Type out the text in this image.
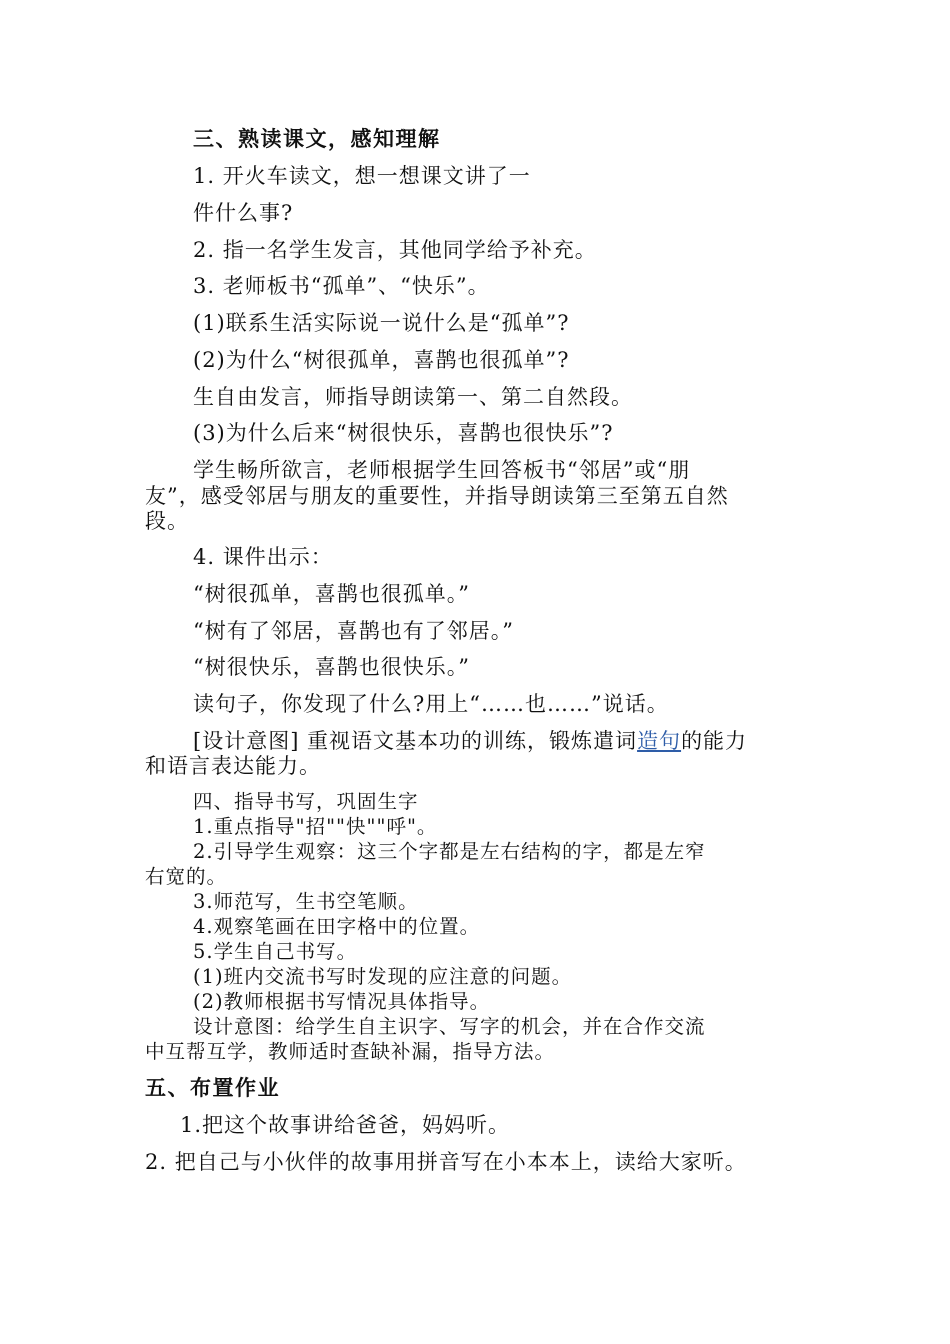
三、熟读课文，感知理解
1. 开火车读文，想一想课文讲了一
件什么事?
2. 指一名学生发言，其他同学给予补充。
3. 老师板书“孤单”、“快乐”。
(1)联系生活实际说一说什么是“孤单”?
(2)为什么“树很孤单，喜鹊也很孤单”?
生自由发言，师指导朗读第一、第二自然段。
(3)为什么后来“树很快乐，喜鹊也很快乐”?
学生畅所欲言，老师根据学生回答板书“邻居”或“朋
友”，感受邻居与朋友的重要性，并指导朗读第三至第五自然
段。
4. 课件出示：
“树很孤单，喜鹊也很孤单。”
“树有了邻居，喜鹊也有了邻居。”
“树很快乐，喜鹊也很快乐。”
读句子，你发现了什么?用上“……也……”说话。
[设计意图] 重视语文基本功的训练，锻炼遣词造句的能力
和语言表达能力。
四、指导书写，巩固生字
1.重点指导"招""快""呼"。
2.引导学生观察：这三个字都是左右结构的字，都是左窄
右宽的。
3.师范写，生书空笔顺。
4.观察笔画在田字格中的位置。
5.学生自己书写。
(1)班内交流书写时发现的应注意的问题。
(2)教师根据书写情况具体指导。
设计意图：给学生自主识字、写字的机会，并在合作交流
中互帮互学，教师适时查缺补漏，指导方法。
五、布置作业
1.把这个故事讲给爸爸，妈妈听。
2. 把自己与小伙伴的故事用拼音写在小本本上，读给大家听。
